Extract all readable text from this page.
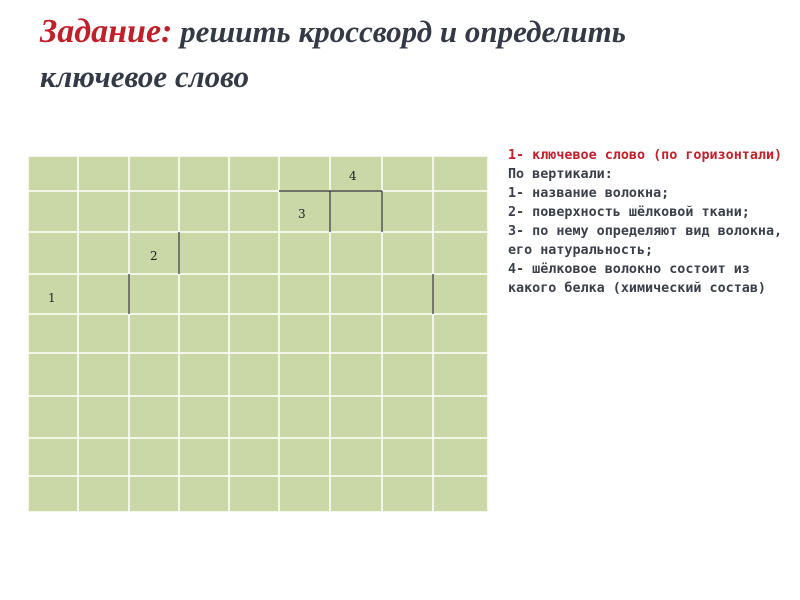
Задание: решить кроссворд и определить ключевое слово
4
3
2
1
1- ключевое слово (по горизонтали)
По вертикали:
1- название волокна;
2- поверхность шёлковой ткани;
3- по нему определяют вид волокна, его натуральность;
4- шёлковое волокно состоит из какого белка (химический состав)
